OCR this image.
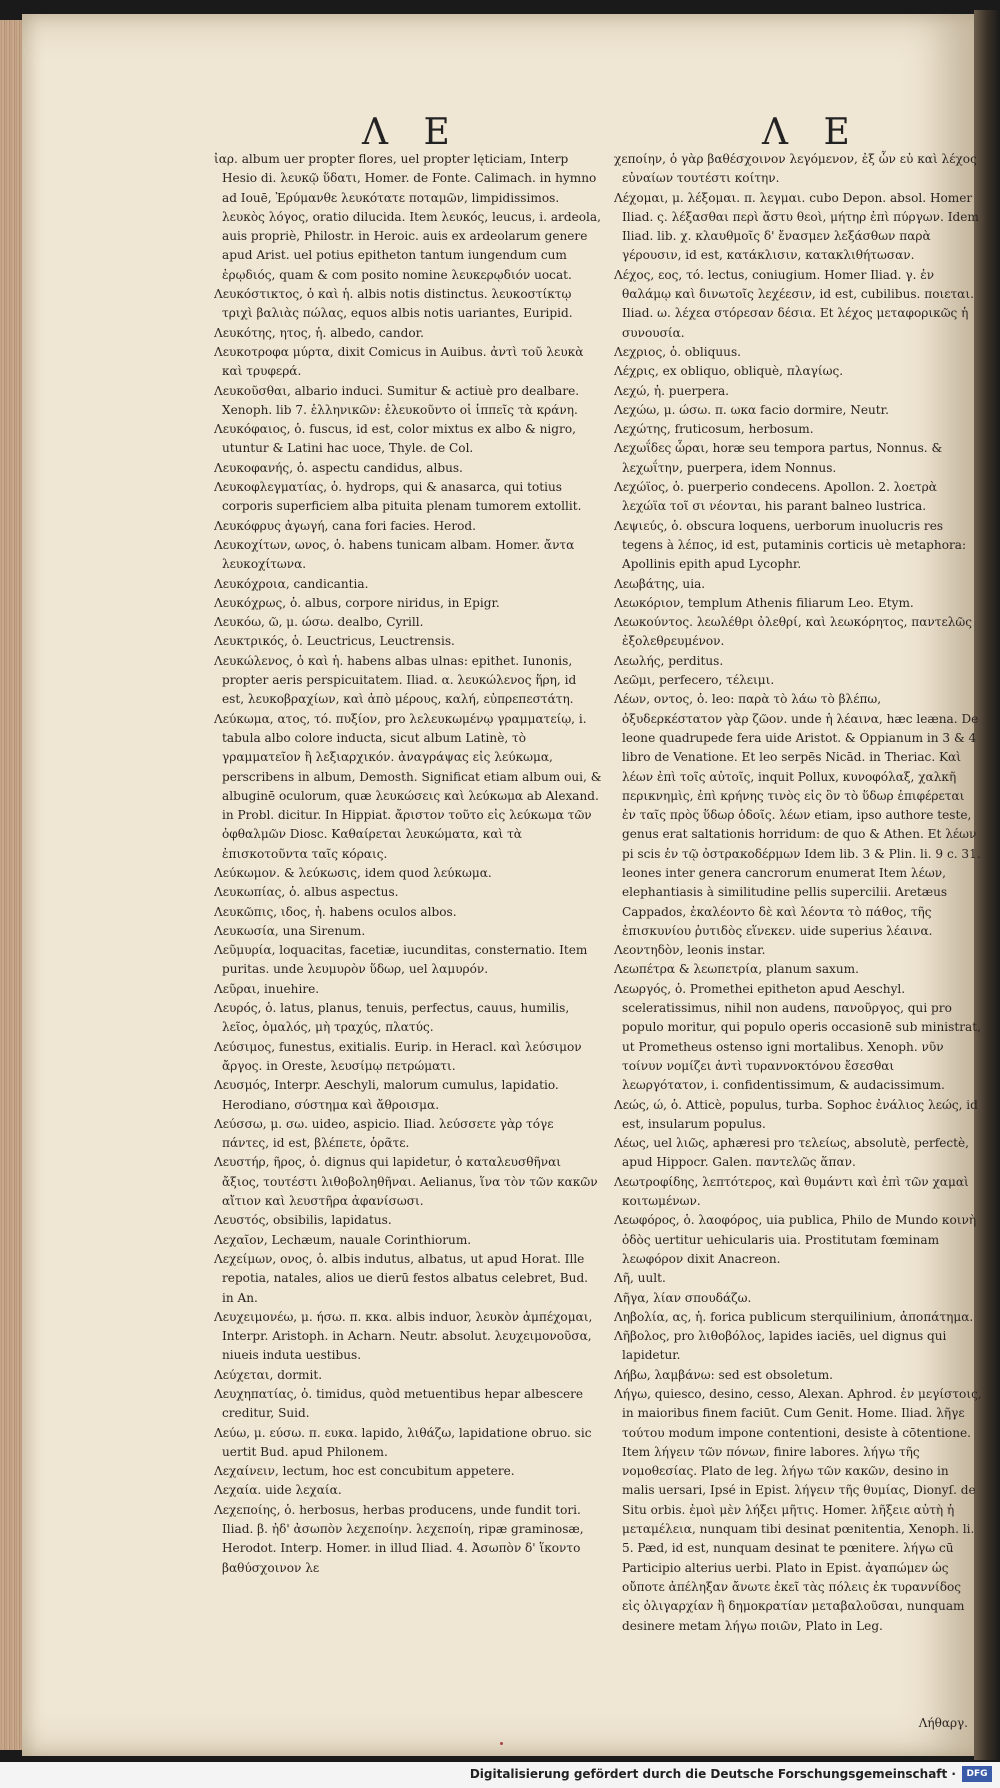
Λ Ε	Λ Ε

ἰαρ. album uer propter flores, uel propter lęticiam, Interp Hesio di. λευκῷ ὕδατι, Homer. de Fonte. Calimach. in hymno ad Iouē, Ἐρύμανθε λευκότατε ποταμῶν, limpidissimos. λευκὸς λόγος, oratio dilucida. Item λευκός, leucus, i. ardeola, auis propriè, Philostr. in Heroic. auis ex ardeolarum genere apud Arist. uel potius epitheton tantum iungendum cum ἐρῳδιός, quam & com posito nomine λευκερῳδιόν uocat.

Λευκόστικτος, ὁ καὶ ἡ. albis notis distinctus. λευκοστίκτῳ τριχὶ βαλιὰς πώλας, equos albis notis uariantes, Euripid.

Λευκότης, ητος, ἡ. albedo, candor.

Λευκοτροφα μύρτα, dixit Comicus in Auibus. ἀντὶ τοῦ λευκὰ καὶ τρυφερά.

Λευκοῦσθαι, albario induci. Sumitur & actiuè pro dealbare. Xenoph. lib 7. ἑλληνικῶν: ἐλευκοῦντο οἱ ἱππεῖς τὰ κράνη.

Λευκόφαιος, ὁ. fuscus, id est, color mixtus ex albo & nigro, utuntur & Latini hac uoce, Thyle. de Col.

Λευκοφανής, ὁ. aspectu candidus, albus.

Λευκοφλεγματίας, ὁ. hydrops, qui & anasarca, qui totius corporis superficiem alba pituita plenam tumorem extollit.

Λευκόφρυς ἀγωγή, cana fori facies. Herod.

Λευκοχίτων, ωνος, ὁ. habens tunicam albam. Homer. ἄντα λευκοχίτωνα.

Λευκόχροια, candicantia.

Λευκόχρως, ὁ. albus, corpore niridus, in Epigr.

Λευκόω, ῶ, μ. ώσω. dealbo, Cyrill.

Λευκτρικός, ὁ. Leuctricus, Leuctrensis.

Λευκώλενος, ὁ καὶ ἡ. habens albas ulnas: epithet. Iunonis, propter aeris perspicuitatem. Iliad. α. λευκώλενος ἥρη, id est, λευκοβραχίων, καὶ ἀπὸ μέρους, καλή, εὐπρεπεστάτη.

Λεύκωμα, ατος, τό. πυξίον, pro λελευκωμένῳ γραμματείῳ, i. tabula albo colore inducta, sicut album Latinè, τὸ γραμματεῖον ἢ λεξιαρχικόν. ἀναγράψας εἰς λεύκωμα, perscribens in album, Demosth. Significat etiam album oui, & albuginē oculorum, quæ λευκώσεις καὶ λεύκωμα ab Alexand. in Probl. dicitur. In Hippiat. ἄριστον τοῦτο εἰς λεύκωμα τῶν ὀφθαλμῶν Diosc. Καθαίρεται λευκώματα, καὶ τὰ ἐπισκοτοῦντα ταῖς κόραις.

Λεύκωμον. & λεύκωσις, idem quod λεύκωμα.

Λευκωπίας, ὁ. albus aspectus.

Λευκῶπις, ιδος, ἡ. habens oculos albos.

Λευκωσία, una Sirenum.

Λεῦμυρία, loquacitas, facetiæ, iucunditas, consternatio. Item puritas. unde λευμυρὸν ὕδωρ, uel λαμυρόν.

Λεῦραι, inuehire.

Λευρός, ὁ. latus, planus, tenuis, perfectus, cauus, humilis, λεῖος, ὁμαλός, μὴ τραχύς, πλατύς.

Λεύσιμος, funestus, exitialis. Eurip. in Heracl. καὶ λεύσιμον ἄργος. in Oreste, λευσίμῳ πετρώματι.

Λευσμός, Interpr. Aeschyli, malorum cumulus, lapidatio. Herodiano, σύστημα καὶ ἄθροισμα.

Λεύσσω, μ. σω. uideo, aspicio. Iliad. λεύσσετε γὰρ τόγε πάντες, id est, βλέπετε, ὁρᾶτε.

Λευστήρ, ῆρος, ὁ. dignus qui lapidetur, ὁ καταλευσθῆναι ἄξιος, τουτέστι λιθοβοληθῆναι. Aelianus, ἵνα τὸν τῶν κακῶν αἴτιον καὶ λευστῆρα ἀφανίσωσι.

Λευστός, obsibilis, lapidatus.

Λεχαῖον, Lechæum, nauale Corinthiorum.

Λεχείμων, ονος, ὁ. albis indutus, albatus, ut apud Horat. Ille repotia, natales, alios ue dierū festos albatus celebret, Bud. in An.

Λευχειμονέω, μ. ήσω. π. κκα. albis induor, λευκὸν ἀμπέχομαι, Interpr. Aristoph. in Acharn. Neutr. absolut. λευχειμονοῦσα, niueis induta uestibus.

Λεύχεται, dormit.

Λευχηπατίας, ὁ. timidus, quòd metuentibus hepar albescere creditur, Suid.

Λεύω, μ. εύσω. π. ευκα. lapido, λιθάζω, lapidatione obruo. sic uertit Bud. apud Philonem.

Λεχαίνειν, lectum, hoc est concubitum appetere.

Λεχαία. uide λεχαία.

Λεχεποίης, ὁ. herbosus, herbas producens, unde fundit tori. Iliad. β. ἠδ' ἀσωπὸν λεχεποίην. λεχεποίη, ripæ graminosæ, Herodot. Interp. Homer. in illud Iliad. 4. Ἀσωπὸν δ' ἵκοντο βαθύσχοινον λε

χεποίην, ὁ γὰρ βαθέσχοινον λεγόμενον, ἐξ ὧν εὐ καὶ λέχος εὐναίων τουτέστι κοίτην.

Λέχομαι, μ. λέξομαι. π. λεγμαι. cubo Depon. absol. Homer Iliad. ς. λέξασθαι περὶ ἄστυ θεοὶ, μήτηρ ἐπὶ πύργων. Idem Iliad. lib. χ. κλαυθμοῖς δ' ἔνασμεν λεξάσθων παρὰ γέρουσιν, id est, κατάκλισιν, κατακλιθήτωσαν.

Λέχος, εος, τό. lectus, coniugium. Homer Iliad. γ. ἐν θαλάμῳ καὶ δινωτοῖς λεχέεσιν, id est, cubilibus. ποιεται. Iliad. ω. λέχεα στόρεσαν δέσια. Et λέχος μεταφορικῶς ἡ συνουσία.

Λεχριος, ὁ. obliquus.

Λέχρις, ex obliquo, obliquè, πλαγίως.

Λεχώ, ἡ. puerpera.

Λεχώω, μ. ώσω. π. ωκα facio dormire, Neutr.

Λεχώτης, fruticosum, herbosum.

Λεχωΐδες ὧραι, horæ seu tempora partus, Nonnus. & λεχωΐτην, puerpera, idem Nonnus.

Λεχώϊος, ὁ. puerperio condecens. Apollon. 2. λοετρὰ λεχώϊα τοῖ σι νέονται, his parant balneo lustrica.

Λεψιεύς, ὁ. obscura loquens, uerborum inuolucris res tegens à λέπος, id est, putaminis corticis uè metaphora: Apollinis epith apud Lycophr.

Λεωβάτης, uia.

Λεωκόριον, templum Athenis filiarum Leo. Etym.

Λεωκούντος. λεωλέθρι ὀλεθρί, καὶ λεωκόρητος, παντελῶς ἐξολεθρευμένον.

Λεωλής, perditus.

Λεῶμι, perfecero, τέλειμι.

Λέων, οντος, ὁ. leo: παρὰ τὸ λάω τὸ βλέπω, ὀξυδερκέστατον γὰρ ζῶον. unde ἡ λέαινα, hæc leæna. De leone quadrupede fera uide Aristot. & Oppianum in 3 & 4 libro de Venatione. Et leo serpēs Nicād. in Theriac. Καὶ λέων ἐπὶ τοῖς αὐτοῖς, inquit Pollux, κυνοφόλαξ, χαλκῆ περικνημὶς, ἐπὶ κρήνης τινὸς εἰς ὃν τὸ ὕδωρ ἐπιφέρεται ἐν ταῖς πρὸς ὕδωρ ὁδοῖς. λέων etiam, ipso authore teste, genus erat saltationis horridum: de quo & Athen. Et λέων pi scis ἐν τῷ ὀστρακοδέρμων Idem lib. 3 & Plin. li. 9 c. 31. leones inter genera cancrorum enumerat Item λέων, elephantiasis à similitudine pellis supercilii. Aretæus Cappados, ἐκαλέοντο δὲ καὶ λέοντα τὸ πάθος, τῆς ἐπισκυνίου ῥυτιδὸς εἵνεκεν. uide superius λέαινα.

Λεοντηδὸν, leonis instar.

Λεωπέτρα & λεωπετρία, planum saxum.

Λεωργός, ὁ. Promethei epitheton apud Aeschyl. sceleratissimus, nihil non audens, πανοῦργος, qui pro populo moritur, qui populo operis occasionē sub ministrat, ut Prometheus ostenso igni mortalibus. Xenoph. νῦν τοίνυν νομίζει ἀντὶ τυραννοκτόνου ἔσεσθαι λεωργότατον, i. confidentissimum, & audacissimum.

Λεώς, ώ, ὁ. Atticè, populus, turba. Sophoc ἐνάλιος λεώς, id est, insularum populus.

Λέως, uel λιῶς, aphæresi pro τελείως, absolutè, perfectè, apud Hippocr. Galen. παντελῶς ἅπαν.

Λεωτροφίδης, λεπτότερος, καὶ θυμάντι καὶ ἐπὶ τῶν χαμαὶ κοιτωμένων.

Λεωφόρος, ὁ. λαοφόρος, uia publica, Philo de Mundo κοινὴ ὁδὸς uertitur uehicularis uia. Prostitutam fœminam λεωφόρον dixit Anacreon.

Λῆ, uult.

Λῆγα, λίαν σπουδάζω.

Ληβολία, ας, ἡ. forica publicum sterquilinium, ἀποπάτημα.

Λῆβολος, pro λιθοβόλος, lapides iaciēs, uel dignus qui lapidetur.

Λήβω, λαμβάνω: sed est obsoletum.

Λήγω, quiesco, desino, cesso, Alexan. Aphrod. ἐν μεγίστοις, in maioribus finem faciūt. Cum Genit. Home. Iliad. λῆγε τούτου modum impone contentioni, desiste à cōtentione. Item λήγειν τῶν πόνων, finire labores. λήγω τῆς νομοθεσίας. Plato de leg. λήγω τῶν κακῶν, desino in malis uersari, Ipsé in Epist. λήγειν τῆς θυμίας, Dionyſ. de Situ orbis. ἐμοὶ μὲν λήξει μῆτις. Homer. λῆξειε αὐτὴ ἡ μεταμέλεια, nunquam tibi desinat pœnitentia, Xenoph. li. 5. Pæd, id est, nunquam desinat te pœnitere. λήγω cū Participio alterius uerbi. Plato in Epist. ἀγαπώμεν ὡς οὔποτε ἀπέληξαν ἄνωτε ἐκεῖ τὰς πόλεις ἐκ τυραννίδος εἰς ὀλιγαρχίαν ἢ δημοκρατίαν μεταβαλοῦσαι, nunquam desinere metam λήγω ποιῶν, Plato in Leg.

Λήθαργ.
Digitalisierung gefördert durch die Deutsche Forschungsgemeinschaft ·	DFG
